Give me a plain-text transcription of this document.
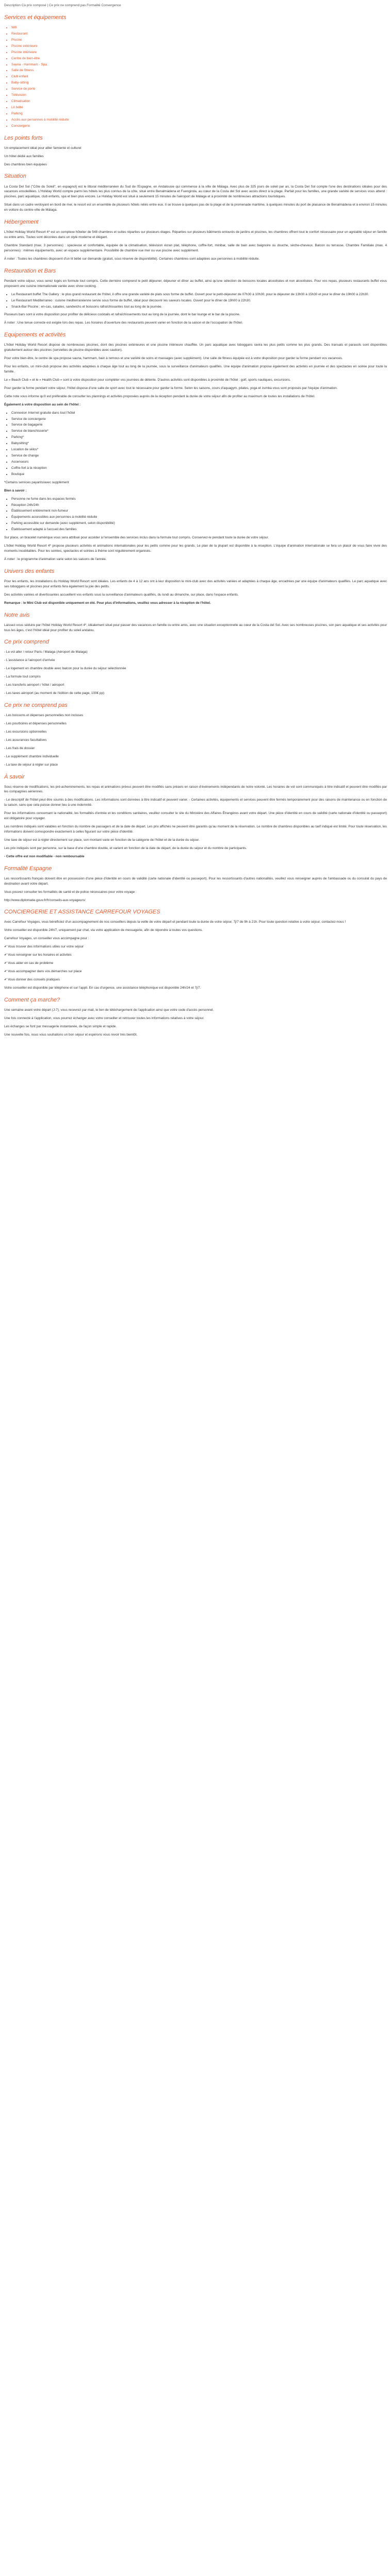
Description Cà prix composé | Ce prix ne comprend pas Formalité Convergence
Services et équipements
• Wifi
• Restaurant
• Piscine
• Piscine extérieure
• Piscine intérieure
• Centre de bien-être
• Sauna - Hammam - Spa
• Salle de fitness
• Club enfant
• Baby-sitting
• Service de porte
• Télévision
• Climatisation
• Lit bébé
• Parking
• Accès aux personnes à mobilité réduite
• Conciergerie
Les points forts

Un emplacement idéal pour allier farniente et culturel

Un hôtel dédié aux familles

Des chambres bien équipées

Situation

La Costa Del Sol ("Côte du Soleil", en espagnol) est le littoral méditerranéen du Sud de l'Espagne, en Andalousie qui commence à la ville de Málaga. Avec plus de 325 jours de soleil par an, la Costa Del Sol compte l'une des destinations idéales pour des vacances ensoleillées. L'Holiday World compte parmi les hôtels les plus connus de la côte, situé entre Benalmádena et Fuengirola, au cœur de la Costa del Sol avec accès direct à la plage. Parfait pour les familles, une grande variété de services vous attend : piscines, parc aquatique, club enfants, spa et bien plus encore. Le Holiday World est situé à seulement 15 minutes de l'aéroport de Málaga et à proximité de nombreuses attractions touristiques.

Situé dans un cadre verdoyant en bord de mer, le resort est un ensemble de plusieurs hôtels reliés entre eux. Il se trouve à quelques pas de la plage et de la promenade maritime, à quelques minutes du port de plaisance de Benalmádena et à environ 15 minutes en voiture du centre-ville de Málaga.

Hébergement

L'hôtel Holiday World Resort 4* est un complexe hôtelier de 548 chambres et suites réparties sur plusieurs étages. Réparties sur plusieurs bâtiments entourés de jardins et piscines, les chambres offrent tout le confort nécessaire pour un agréable séjour en famille ou entre amis. Toutes sont décorées dans un style moderne et élégant.

Chambre Standard (max. 3 personnes) : spacieuse et confortable, équipée de la climatisation, télévision écran plat, téléphone, coffre-fort, minibar, salle de bain avec baignoire ou douche, sèche-cheveux. Balcon ou terrasse. Chambre Familiale (max. 4 personnes) : mêmes équipements, avec un espace supplémentaire. Possibilité de chambre vue mer ou vue piscine avec supplément.

À noter : Toutes les chambres disposent d'un lit bébé sur demande (gratuit, sous réserve de disponibilité). Certaines chambres sont adaptées aux personnes à mobilité réduite.

Restauration et Bars

Pendant votre séjour, vous serez logés en formule tout compris. Cette dernière comprend le petit déjeuner, déjeuner et dîner au buffet, ainsi qu'une sélection de boissons locales alcoolisées et non alcoolisées. Pour vos repas, plusieurs restaurants buffet vous proposent une cuisine internationale variée avec show cooking.

• Le Restaurant buffet The Gallery : le plus grand restaurant de l'hôtel, il offre une grande variété de plats sous forme de buffet. Ouvert pour le petit-déjeuner de 07h30 à 10h30, pour le déjeuner de 13h00 à 15h30 et pour le dîner de 19h00 à 22h30.
• Le Restaurant Mediterraneo : cuisine méditerranéenne servie sous forme de buffet, idéal pour découvrir les saveurs locales. Ouvert pour le dîner de 19h00 à 22h30.
• Snack-Bar Piscine : en-cas, salades, sandwichs et boissons rafraîchissantes tout au long de la journée.

Plusieurs bars sont à votre disposition pour profiter de délicieux cocktails et rafraîchissements tout au long de la journée, dont le bar lounge et le bar de la piscine.

À noter : Une tenue correcte est exigée lors des repas. Les horaires d'ouverture des restaurants peuvent varier en fonction de la saison et de l'occupation de l'hôtel.

Equipements et activités

L'hôtel Holiday World Resort dispose de nombreuses piscines, dont des piscines extérieures et une piscine intérieure chauffée. Un parc aquatique avec toboggans ravira les plus petits comme les plus grands. Des transats et parasols sont disponibles gratuitement autour des piscines (serviettes de piscine disponibles avec caution).

Pour votre bien-être, le centre de spa propose sauna, hammam, bain à remous et une variété de soins et massages (avec supplément). Une salle de fitness équipée est à votre disposition pour garder la forme pendant vos vacances.

Pour les enfants, un mini-club propose des activités adaptées à chaque âge tout au long de la journée, sous la surveillance d'animateurs qualifiés. Une équipe d'animation propose également des activités en journée et des spectacles en soirée pour toute la famille.

Le « Beach Club » et le « Health Club » sont à votre disposition pour compléter vos journées de détente. D'autres activités sont disponibles à proximité de l'hôtel : golf, sports nautiques, excursions.

Pour garder la forme pendant votre séjour, l'hôtel dispose d'une salle de sport avec tout le nécessaire pour garder la forme. Selon les saisons, cours d'aquagym, pilates, yoga et zumba vous sont proposés par l'équipe d'animation.

Cette note vous informe qu'il est préférable de consulter les plannings et activités proposées auprès de la réception pendant la durée de votre séjour afin de profiter au maximum de toutes les installations de l'hôtel.

Également à votre disposition au sein de l'hôtel :

• Connexion Internet gratuite dans tout l'hôtel
• Service de conciergerie
• Service de bagagerie
• Service de blanchisserie*
• Parking*
• Babysitting*
• Location de vélos*
• Service de change
• Ascenseurs
• Coffre-fort à la réception
• Boutique

*Certains services payants/avec supplément

Bien à savoir :

• Personne ne fume dans les espaces fermés
• Réception 24h/24h
• Établissement entièrement non-fumeur
• Équipements accessibles aux personnes à mobilité réduite
• Parking accessible sur demande (avec supplément, selon disponibilité)
• Établissement adapté à l'accueil des familles

Sur place, un bracelet numérique vous sera attribué pour accéder à l'ensemble des services inclus dans la formule tout compris. Conservez-le pendant toute la durée de votre séjour.

L'hôtel Holiday World Resort 4* propose plusieurs activités et animations internationales pour les petits comme pour les grands. Le plan de la plupart est disponible à la réception. L'équipe d'animation internationale se fera un plaisir de vous faire vivre des moments inoubliables. Pour les soirées, spectacles et soirées à thème sont régulièrement organisés.

À noter : le programme d'animation varie selon les saisons de l'année.

Univers des enfants

Pour les enfants, les installations du Holiday World Resort sont idéales. Les enfants de 4 à 12 ans ont à leur disposition le mini-club avec des activités variées et adaptées à chaque âge, encadrées par une équipe d'animateurs qualifiés. Le parc aquatique avec ses toboggans et piscines pour enfants fera également la joie des petits.

Des activités variées et divertissantes accueillent vos enfants sous la surveillance d'animateurs qualifiés, du lundi au dimanche, sur place, dans l'espace enfants.

Remarque : le Mini Club est disponible uniquement en été. Pour plus d'informations, veuillez vous adresser à la réception de l'hôtel.

Notre avis

Laissez-vous séduire par l'hôtel Holiday World Resort 4*, idéalement situé pour passer des vacances en famille ou entre amis, avec une situation exceptionnelle au cœur de la Costa del Sol. Avec ses nombreuses piscines, son parc aquatique et ses activités pour tous les âges, c'est l'hôtel idéal pour profiter du soleil andalou.

Ce prix comprend

- Le vol aller / retour Paris / Malaga (Aéroport de Malaga)

- L'assistance à l'aéroport d'arrivée

- Le logement en chambre double avec balcon pour la durée du séjour sélectionnée

- La formule tout compris

- Les transferts aéroport / hôtel / aéroport

- Les taxes aéroport (au moment de l'édition de cette page, 100€ pp)

Ce prix ne comprend pas

- Les boissons et dépenses personnelles non incluses

- Les pourboires et dépenses personnelles

- Les excursions optionnelles

- Les assurances facultatives

- Les frais de dossier

- Le supplément chambre individuelle

- La taxe de séjour à régler sur place

À savoir

Sous réserve de modifications, les pré-acheminements, les repas et animations prévus peuvent être modifiés sans préavis en raison d'événements indépendants de notre volonté. Les horaires de vol sont communiqués à titre indicatif et peuvent être modifiés par les compagnies aériennes.

- Le descriptif de l'hôtel peut être soumis à des modifications. Les informations sont données à titre indicatif et peuvent varier. - Certaines activités, équipements et services peuvent être fermés temporairement pour des raisons de maintenance ou en fonction de la saison, sans que cela puisse donner lieu à une indemnité.

Pour les informations concernant la nationalité, les formalités d'entrée et les conditions sanitaires, veuillez consulter le site du Ministère des Affaires Étrangères avant votre départ. Une pièce d'identité en cours de validité (carte nationale d'identité ou passeport) est obligatoire pour voyager.

Les nombres indiqués sont valables en fonction du nombre de passagers et de la date de départ. Les prix affichés ne peuvent être garantis qu'au moment de la réservation. Le nombre de chambres disponibles au tarif indiqué est limité. Pour toute réservation, les informations doivent correspondre exactement à celles figurant sur votre pièce d'identité.

Une taxe de séjour est à régler directement sur place, son montant varie en fonction de la catégorie de l'hôtel et de la durée du séjour.

Les prix indiqués sont par personne, sur la base d'une chambre double, et varient en fonction de la date de départ, de la durée du séjour et du nombre de participants.

- Cette offre est non modifiable - non remboursable

Formalité Espagne

Les ressortissants français doivent être en possession d'une pièce d'identité en cours de validité (carte nationale d'identité ou passeport). Pour les ressortissants d'autres nationalités, veuillez vous renseigner auprès de l'ambassade ou du consulat du pays de destination avant votre départ.

Vous pouvez consulter les formalités de santé et de police nécessaires pour votre voyage :

http://www.diplomatie.gouv.fr/fr/conseils-aux-voyageurs/

CONCIERGERIE ET ASSISTANCE CARREFOUR VOYAGES

Avec Carrefour Voyages, vous bénéficiez d'un accompagnement de nos conseillers depuis la veille de votre départ et pendant toute la durée de votre séjour, 7j/7 de 9h à 21h. Pour toute question relative à votre séjour, contactez-nous !

Votre conseiller est disponible 24h/7, uniquement par chat, via votre application de messagerie, afin de répondre à toutes vos questions.

Carrefour Voyages, un conseiller vous accompagne pour :

✔ Vous trouver des informations utiles sur votre séjour

✔ Vous renseigner sur les horaires et activités

✔ Vous aider en cas de problème

✔ Vous accompagner dans vos démarches sur place

✔ Vous donner des conseils pratiques

Votre conseiller est disponible par téléphone et sur l'appli. En cas d'urgence, une assistance téléphonique est disponible 24h/24 et 7j/7.

Comment ça marche?

Une semaine avant votre départ (J-7), vous recevrez par mail, le lien de téléchargement de l'application ainsi que votre code d'accès personnel.

Une fois connecté à l'application, vous pourrez échanger avec votre conseiller et retrouver toutes les informations relatives à votre séjour.

Les échanges se font par messagerie instantanée, de façon simple et rapide.

Une nouvelle fois, nous vous souhaitons un bon séjour et espérons vous revoir très bientôt.
